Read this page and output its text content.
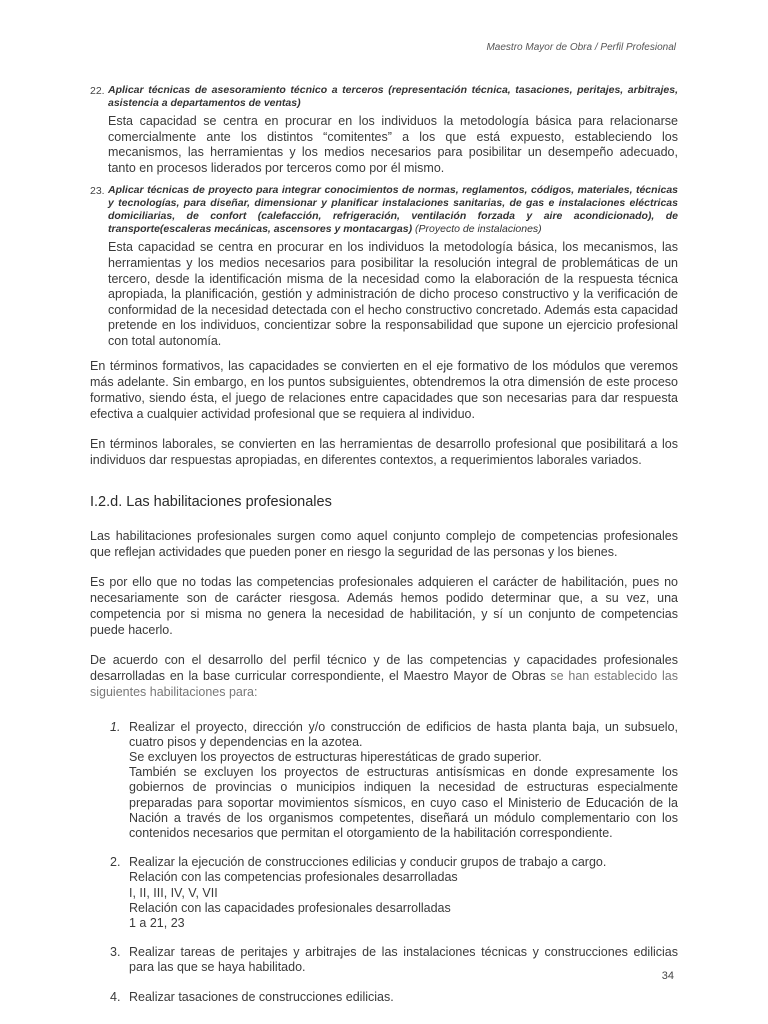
Maestro Mayor de Obra / Perfil Profesional
22. Aplicar técnicas de asesoramiento técnico a terceros (representación técnica, tasaciones, peritajes, arbitrajes, asistencia a departamentos de ventas)
Esta capacidad se centra en procurar en los individuos la metodología básica para relacionarse comercialmente ante los distintos “comitentes” a los que está expuesto, estableciendo los mecanismos, las herramientas y los medios necesarios para posibilitar un desempeño adecuado, tanto en procesos liderados por terceros como por él mismo.
23. Aplicar técnicas de proyecto para integrar conocimientos de normas, reglamentos, códigos, materiales, técnicas y tecnologías, para diseñar, dimensionar y planificar instalaciones sanitarias, de gas e instalaciones eléctricas domiciliarias, de confort (calefacción, refrigeración, ventilación forzada y aire acondicionado), de transporte(escaleras mecánicas, ascensores y montacargas) (Proyecto de instalaciones)
Esta capacidad se centra en procurar en los individuos la metodología básica, los mecanismos, las herramientas y los medios necesarios para posibilitar la resolución integral de problemáticas de un tercero, desde la identificación misma de la necesidad como la elaboración de la respuesta técnica apropiada, la planificación, gestión y administración de dicho proceso constructivo y la verificación de conformidad de la necesidad detectada con el hecho constructivo concretado. Además esta capacidad pretende en los individuos, concientizar sobre la responsabilidad que supone un ejercicio profesional con total autonomía.

En términos formativos, las capacidades se convierten en el eje formativo de los módulos que veremos más adelante. Sin embargo, en los puntos subsiguientes, obtendremos la otra dimensión de este proceso formativo, siendo ésta, el juego de relaciones entre capacidades que son necesarias para dar respuesta efectiva a cualquier actividad profesional que se requiera al individuo.

En términos laborales, se convierten en las herramientas de desarrollo profesional que posibilitará a los individuos dar respuestas apropiadas, en diferentes contextos, a requerimientos laborales variados.

I.2.d. Las habilitaciones profesionales

Las habilitaciones profesionales surgen como aquel conjunto complejo de competencias profesionales que reflejan actividades que pueden poner en riesgo la seguridad de las personas y los bienes.

Es por ello que no todas las competencias profesionales adquieren el carácter de habilitación, pues no necesariamente son de carácter riesgosa. Además hemos podido determinar que, a su vez, una competencia por si misma no genera la necesidad de habilitación, y sí un conjunto de competencias puede hacerlo.

De acuerdo con el desarrollo del perfil técnico y de las competencias y capacidades profesionales desarrolladas en la base curricular correspondiente, el Maestro Mayor de Obras se han establecido las siguientes habilitaciones para:

1. Realizar el proyecto, dirección y/o construcción de edificios de hasta planta baja, un subsuelo, cuatro pisos y dependencias en la azotea.
Se excluyen los proyectos de estructuras hiperestáticas de grado superior.
También se excluyen los proyectos de estructuras antisísmicas en donde expresamente los gobiernos de provincias o municipios indiquen la necesidad de estructuras especialmente preparadas para soportar movimientos sísmicos, en cuyo caso el Ministerio de Educación de la Nación a través de los organismos competentes, diseñará un módulo complementario con los contenidos necesarios que permitan el otorgamiento de la habilitación correspondiente.
2. Realizar la ejecución de construcciones edilicias y conducir grupos de trabajo a cargo.
Relación con las competencias profesionales desarrolladas
I, II, III, IV, V, VII
Relación con las capacidades profesionales desarrolladas
1 a 21, 23
3. Realizar tareas de peritajes y arbitrajes de las instalaciones técnicas y construcciones edilicias para las que se haya habilitado.
4. Realizar tasaciones de construcciones edilicias.
34
